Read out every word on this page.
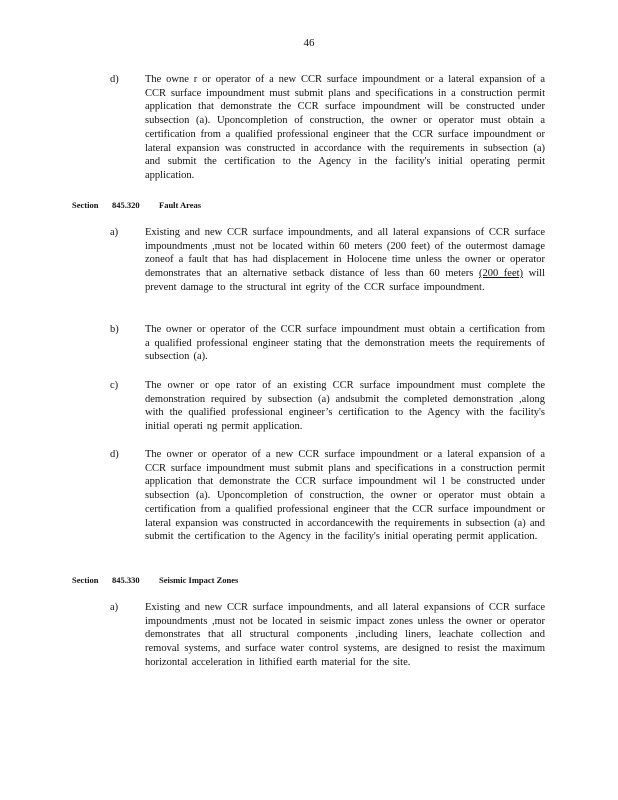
46
d)	The owne r or operator of a new CCR surface impoundment or a lateral expansion of a CCR surface impoundment must submit plans and specifications in a construction permit application that demonstrate the CCR surface impoundment will be constructed under subsection (a). Uponcompletion of construction, the owner or operator must obtain a certification from a qualified professional engineer that the CCR surface impoundment or lateral expansion was constructed in accordance with the requirements in subsection (a) and submit the certification to the Agency in the facility's initial operating permit application.
Section 845.320 Fault Areas
a)	Existing and new CCR surface impoundments, and all lateral expansions of CCR surface impoundments ,must not be located within 60 meters (200 feet) of the outermost damage zoneof a fault that has had displacement in Holocene time unless the owner or operator demonstrates that an alternative setback distance of less than 60 meters (200 feet) will prevent damage to the structural int egrity of the CCR surface impoundment.
b)	The owner or operator of the CCR surface impoundment must obtain a certification from a qualified professional engineer stating that the demonstration meets the requirements of subsection (a).
c)	The owner or ope rator of an existing CCR surface impoundment must complete the demonstration required by subsection (a) andsubmit the completed demonstration ,along with the qualified professional engineer’s certification to the Agency with the facility's initial operati ng permit application.
d)	The owner or operator of a new CCR surface impoundment or a lateral expansion of a CCR surface impoundment must submit plans and specifications in a construction permit application that demonstrate the CCR surface impoundment wil l be constructed under subsection (a). Uponcompletion of construction, the owner or operator must obtain a certification from a qualified professional engineer that the CCR surface impoundment or lateral expansion was constructed in accordancewith the requirements in subsection (a) and submit the certification to the Agency in the facility's initial operating permit application.
Section 845.330 Seismic Impact Zones
a)	Existing and new CCR surface impoundments, and all lateral expansions of CCR surface impoundments ,must not be located in seismic impact zones unless the owner or operator demonstrates that all structural components ,including liners, leachate collection and removal systems, and surface water control systems, are designed to resist the maximum horizontal acceleration in lithified earth material for the site.
